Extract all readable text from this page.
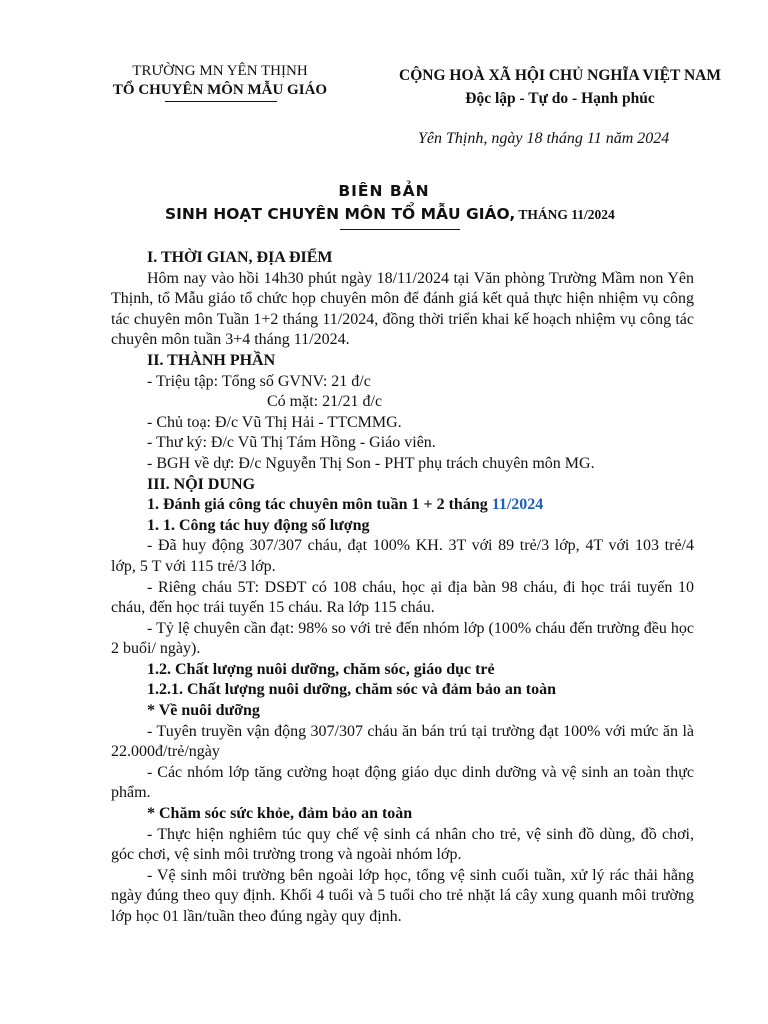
TRƯỜNG MN YÊN THỊNH
TỔ CHUYÊN MÔN MẪU GIÁO
CỘNG HOÀ XÃ HỘI CHỦ NGHĨA VIỆT NAM
Độc lập - Tự do - Hạnh phúc
Yên Thịnh, ngày 18 tháng 11 năm 2024
BIÊN BẢN
SINH HOẠT CHUYÊN MÔN TỔ MẪU GIÁO, THÁNG 11/2024

I. THỜI GIAN, ĐỊA ĐIỂM

Hôm nay vào hồi 14h30 phút ngày 18/11/2024 tại Văn phòng Trường Mầm non Yên Thịnh, tổ Mẫu giáo tổ chức họp chuyên môn để đánh giá kết quả thực hiện nhiệm vụ công tác chuyên môn Tuần 1+2 tháng 11/2024, đồng thời triển khai kế hoạch nhiệm vụ công tác chuyên môn tuần 3+4 tháng 11/2024.

II. THÀNH PHẦN

- Triệu tập: Tổng số GVNV: 21 đ/c

Có mặt: 21/21 đ/c

- Chủ toạ: Đ/c Vũ Thị Hải - TTCMMG.

- Thư ký: Đ/c Vũ Thị Tám Hồng - Giáo viên.

- BGH về dự: Đ/c Nguyễn Thị Son - PHT phụ trách chuyên môn MG.

III. NỘI DUNG

1. Đánh giá công tác chuyên môn tuần 1 + 2 tháng 11/2024

1. 1. Công tác huy động số lượng

- Đã huy động 307/307 cháu, đạt 100% KH. 3T với 89 trẻ/3 lớp, 4T với 103 trẻ/4 lớp, 5 T với 115 trẻ/3 lớp.

- Riêng cháu 5T: DSĐT có 108 cháu, học ại địa bàn 98 cháu, đi học trái tuyến 10 cháu, đến học trái tuyến 15 cháu. Ra lớp 115 cháu.

- Tỷ lệ chuyên cần đạt: 98% so với trẻ đến nhóm lớp (100% cháu đến trường đều học 2 buổi/ ngày).

1.2. Chất lượng nuôi dưỡng, chăm sóc, giáo dục trẻ

1.2.1. Chất lượng nuôi dưỡng, chăm sóc và đảm bảo an toàn

* Về nuôi dưỡng

- Tuyên truyền vận động 307/307 cháu ăn bán trú tại trường đạt 100% với mức ăn là 22.000đ/trẻ/ngày

- Các nhóm lớp tăng cường hoạt động giáo dục dinh dưỡng và vệ sinh an toàn thực phẩm.

* Chăm sóc sức khỏe, đảm bảo an toàn

- Thực hiện nghiêm túc quy chế vệ sinh cá nhân cho trẻ, vệ sinh đồ dùng, đồ chơi, góc chơi, vệ sinh môi trường trong và ngoài nhóm lớp.

- Vệ sinh môi trường bên ngoài lớp học, tổng vệ sinh cuối tuần, xử lý rác thải hằng ngày đúng theo quy định. Khối 4 tuổi và 5 tuổi cho trẻ nhặt lá cây xung quanh môi trường lớp học 01 lần/tuần theo đúng ngày quy định.
